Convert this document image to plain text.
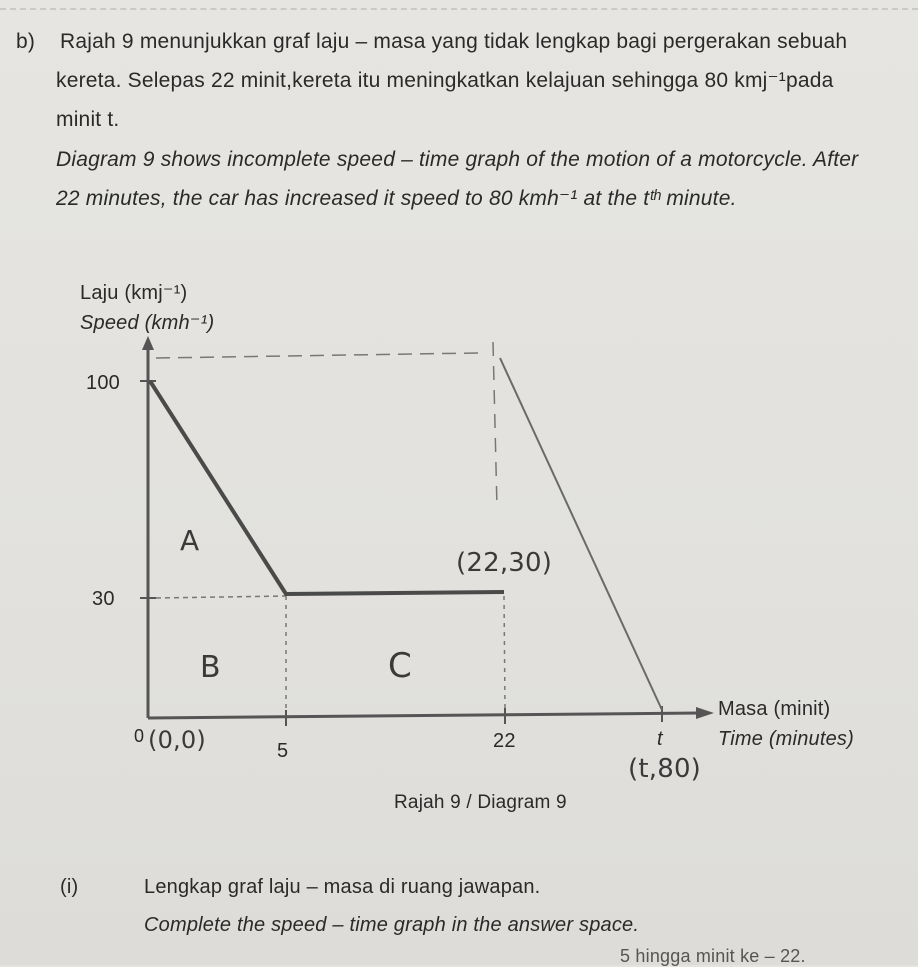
b) Rajah 9 menunjukkan graf laju – masa yang tidak lengkap bagi pergerakan sebuah
kereta. Selepas 22 minit,kereta itu meningkatkan kelajuan sehingga 80 kmj⁻¹pada
minit t.
Diagram 9 shows incomplete speed – time graph of the motion of a motorcycle. After
22 minutes, the car has increased it speed to 80 kmh⁻¹ at the tᵗʰ minute.
Laju (kmj⁻¹)
Speed (kmh⁻¹)
100
30
0
5	22	t
Masa (minit)
Time (minutes)
A
B	C
(22,30)
(0,0)
(t,80)
Rajah 9 / Diagram 9
(i)	Lengkap graf laju – masa di ruang jawapan.
Complete the speed – time graph in the answer space.
5 hingga minit ke – 22.
